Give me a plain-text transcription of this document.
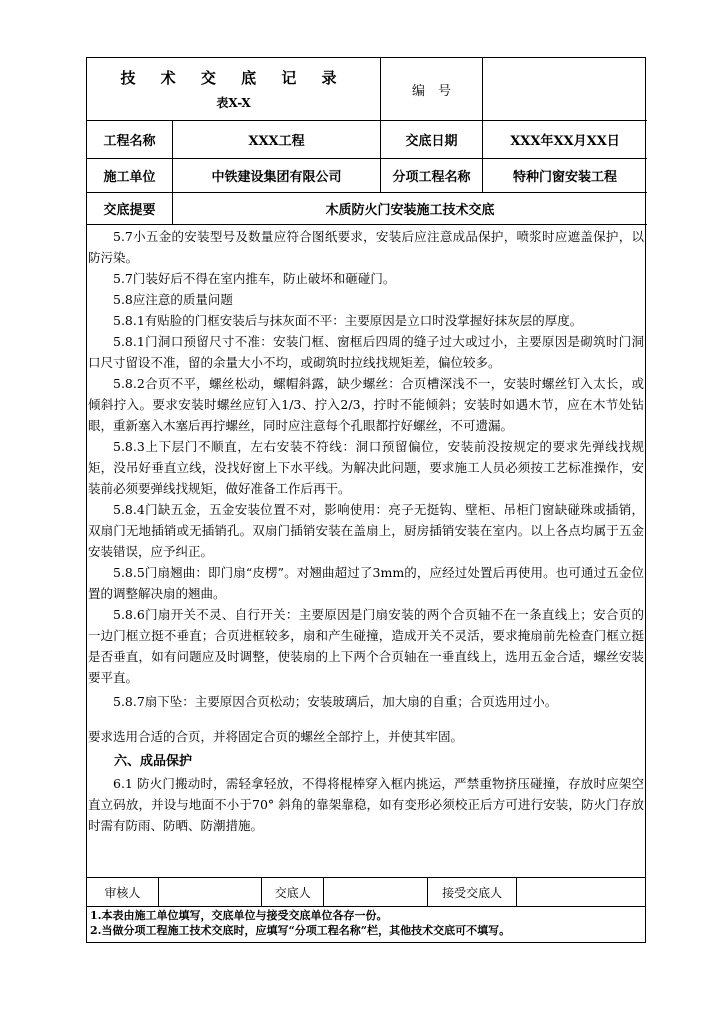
技 术 交 底 记 录
表X-X
编　号
工程名称	XXX工程	交底日期	XXX年XX月XX日
施工单位	中铁建设集团有限公司	分项工程名称	特种门窗安装工程
交底提要	木质防火门安装施工技术交底

5.7小五金的安装型号及数量应符合图纸要求，安装后应注意成品保护，喷浆时应遮盖保护，以防污染。

5.7门装好后不得在室内推车，防止破坏和砸碰门。

5.8应注意的质量问题

5.8.1有贴脸的门框安装后与抹灰面不平：主要原因是立口时没掌握好抹灰层的厚度。

5.8.1门洞口预留尺寸不准：安装门框、窗框后四周的缝子过大或过小，主要原因是砌筑时门洞口尺寸留设不准，留的余量大小不均，或砌筑时拉线找规矩差，偏位较多。

5.8.2合页不平，螺丝松动，螺帽斜露，缺少螺丝：合页槽深浅不一，安装时螺丝钉入太长，或倾斜拧入。要求安装时螺丝应钉入1/3、拧入2/3，拧时不能倾斜；安装时如遇木节，应在木节处钻眼，重新塞入木塞后再拧螺丝，同时应注意每个孔眼都拧好螺丝，不可遗漏。

5.8.3上下层门不顺直，左右安装不符线：洞口预留偏位，安装前没按规定的要求先弹线找规矩，没吊好垂直立线，没找好窗上下水平线。为解决此问题，要求施工人员必须按工艺标准操作，安装前必须要弹线找规矩，做好准备工作后再干。

5.8.4门缺五金，五金安装位置不对，影响使用：亮子无挺钩、壁柜、吊柜门窗缺碰珠或插销，双扇门无地插销或无插销孔。双扇门插销安装在盖扇上，厨房插销安装在室内。以上各点均属于五金安装错误，应予纠正。

5.8.5门扇翘曲：即门扇“皮楞”。对翘曲超过了3mm的，应经过处置后再使用。也可通过五金位置的调整解决扇的翘曲。

5.8.6门扇开关不灵、自行开关：主要原因是门扇安装的两个合页轴不在一条直线上；安合页的一边门框立挺不垂直；合页进框较多，扇和产生碰撞，造成开关不灵活，要求掩扇前先检查门框立挺是否垂直，如有问题应及时调整，使装扇的上下两个合页轴在一垂直线上，选用五金合适，螺丝安装要平直。

5.8.7扇下坠：主要原因合页松动；安装玻璃后，加大扇的自重；合页选用过小。

要求选用合适的合页，并将固定合页的螺丝全部拧上，并使其牢固。

六、成品保护

6.1 防火门搬动时，需轻拿轻放，不得将棍棒穿入框内挑运，严禁重物挤压碰撞，存放时应架空直立码放，并设与地面不小于70° 斜角的靠架靠稳，如有变形必须校正后方可进行安装，防火门存放时需有防雨、防晒、防潮措施。

审核人	交底人	接受交底人
1.本表由施工单位填写，交底单位与接受交底单位各存一份。
2.当做分项工程施工技术交底时，应填写“分项工程名称”栏，其他技术交底可不填写。
